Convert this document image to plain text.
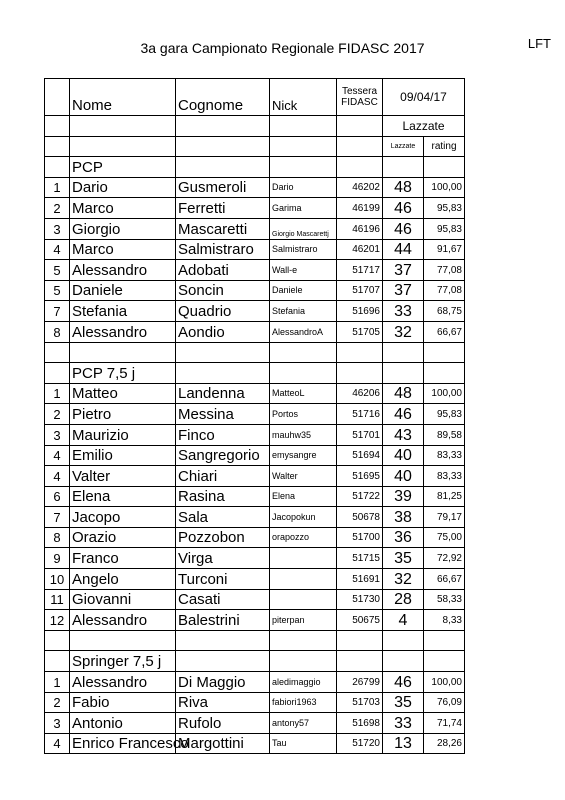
LFT
3a gara Campionato Regionale FIDASC 2017
	Nome	Cognome	Nick	Tessera FIDASC	09/04/17	
					Lazzate	
					Lazzate	rating
	PCP					
1	Dario	Gusmeroli	Dario	46202	48	100,00
2	Marco	Ferretti	Garima	46199	46	95,83
3	Giorgio	Mascaretti	Giorgio Mascarettj	46196	46	95,83
4	Marco	Salmistraro	Salmistraro	46201	44	91,67
5	Alessandro	Adobati	Wall-e	51717	37	77,08
5	Daniele	Soncin	Daniele	51707	37	77,08
7	Stefania	Quadrio	Stefania	51696	33	68,75
8	Alessandro	Aondio	AlessandroA	51705	32	66,67

	PCP 7,5 j					
1	Matteo	Landenna	MatteoL	46206	48	100,00
2	Pietro	Messina	Portos	51716	46	95,83
3	Maurizio	Finco	mauhw35	51701	43	89,58
4	Emilio	Sangregorio	emysangre	51694	40	83,33
4	Valter	Chiari	Walter	51695	40	83,33
6	Elena	Rasina	Elena	51722	39	81,25
7	Jacopo	Sala	Jacopokun	50678	38	79,17
8	Orazio	Pozzobon	orapozzo	51700	36	75,00
9	Franco	Virga		51715	35	72,92
10	Angelo	Turconi		51691	32	66,67
11	Giovanni	Casati		51730	28	58,33
12	Alessandro	Balestrini	piterpan	50675	4	8,33

	Springer 7,5 j					
1	Alessandro	Di Maggio	aledimaggio	26799	46	100,00
2	Fabio	Riva	fabiori1963	51703	35	76,09
3	Antonio	Rufolo	antony57	51698	33	71,74
4	Enrico Francesco	Margottini	Tau	51720	13	28,26
